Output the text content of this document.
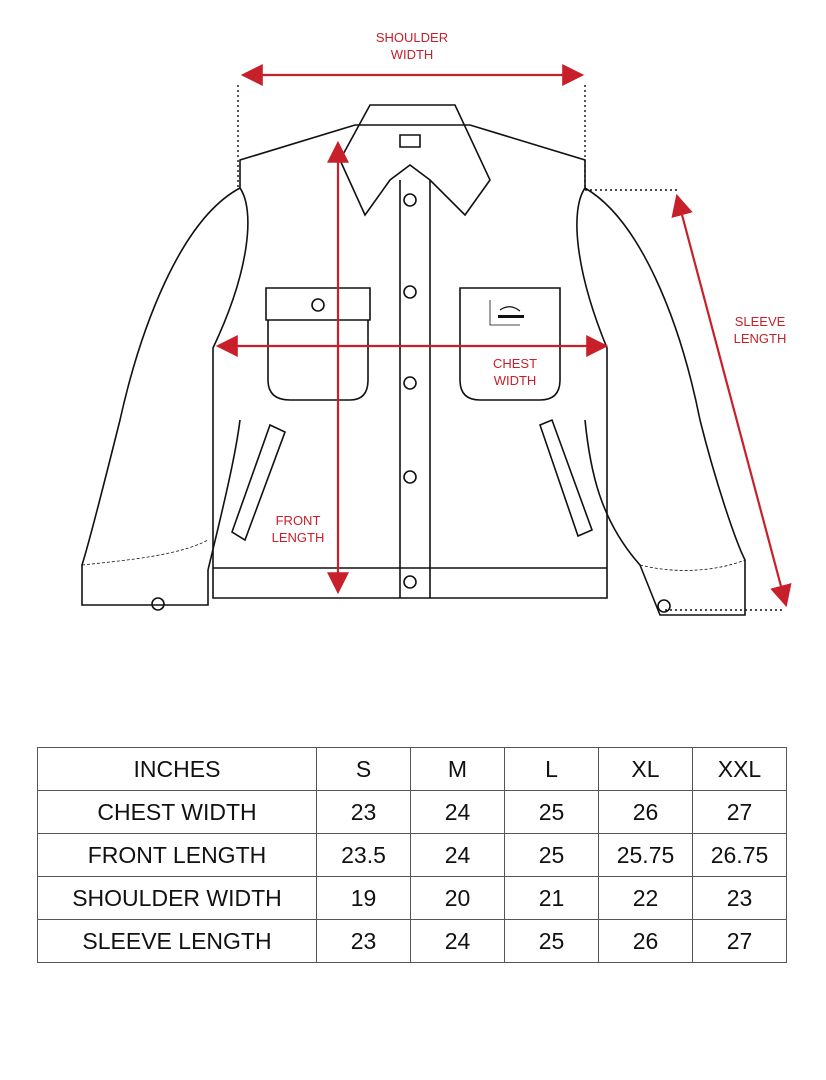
SHOULDER
WIDTH
SLEEVE
LENGTH
CHEST
WIDTH
FRONT
LENGTH
INCHES	S	M	L	XL	XXL
CHEST WIDTH	23	24	25	26	27
FRONT LENGTH	23.5	24	25	25.75	26.75
SHOULDER WIDTH	19	20	21	22	23
SLEEVE LENGTH	23	24	25	26	27
